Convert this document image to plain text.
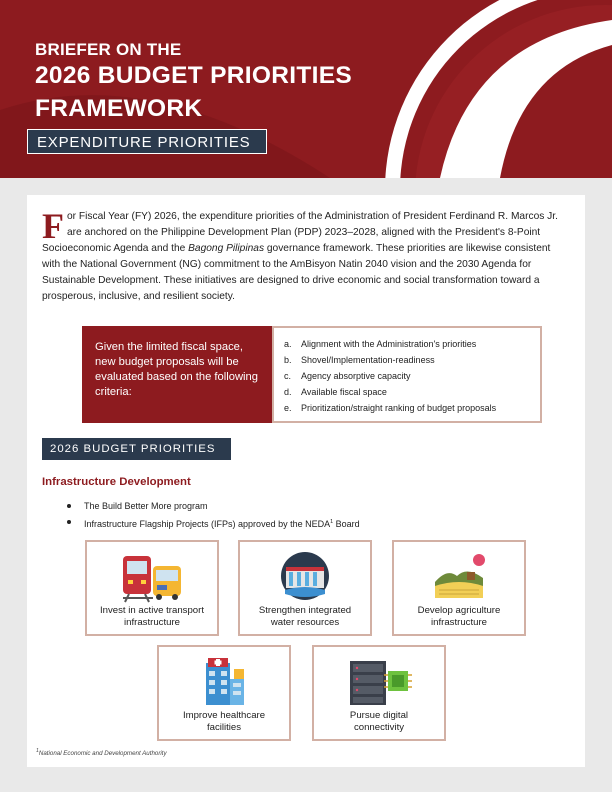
BRIEFER ON THE
2026 BUDGET PRIORITIES
FRAMEWORK
EXPENDITURE PRIORITIES
For Fiscal Year (FY) 2026, the expenditure priorities of the Administration of President Ferdinand R. Marcos Jr. are anchored on the Philippine Development Plan (PDP) 2023–2028, aligned with the President's 8-Point Socioeconomic Agenda and the Bagong Pilipinas governance framework. These priorities are likewise consistent with the National Government (NG) commitment to the AmBisyon Natin 2040 vision and the 2030 Agenda for Sustainable Development. These initiatives are designed to drive economic and social transformation toward a prosperous, inclusive, and resilient society.
Given the limited fiscal space, new budget proposals will be evaluated based on the following criteria:
a. Alignment with the Administration's priorities
b. Shovel/Implementation-readiness
c. Agency absorptive capacity
d. Available fiscal space
e. Prioritization/straight ranking of budget proposals
2026 BUDGET PRIORITIES
Infrastructure Development
The Build Better More program
Infrastructure Flagship Projects (IFPs) approved by the NEDA$^1$ Board
Invest in active transport
infrastructure
Strengthen integrated
water resources
Develop agriculture
infrastructure
Improve healthcare
facilities
Pursue digital
connectivity
$^1$National Economic and Development Authority
